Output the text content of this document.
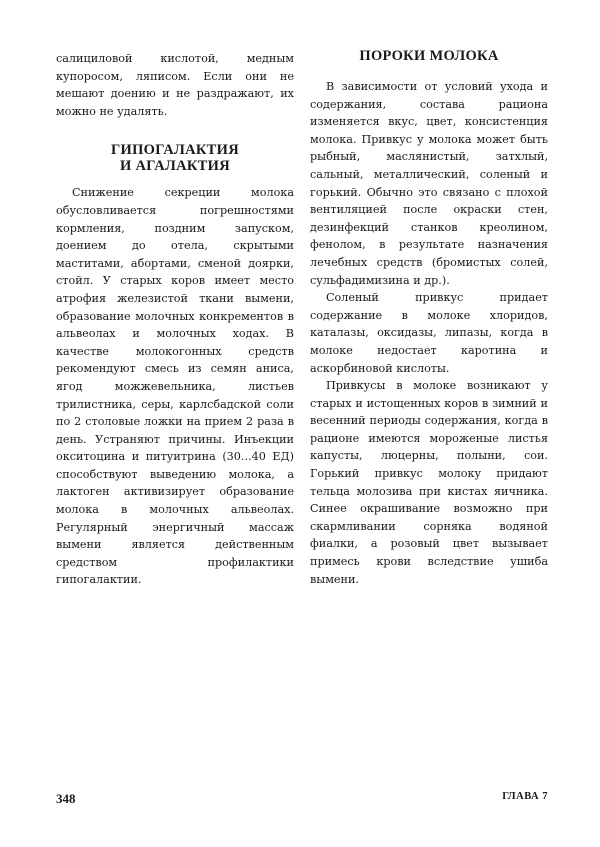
салициловой кислотой, медным купоросом, ляписом. Если они не мешают доению и не раздражают, их можно не удалять.

ГИПОГАЛАКТИЯ
И АГАЛАКТИЯ

Снижение секреции молока обусловливается погрешностями кормления, поздним запуском, доением до отела, скрытыми маститами, абортами, сменой доярки, стойл. У старых коров имеет место атрофия железистой ткани вымени, образование молочных конкрементов в альвеолах и молочных ходах. В качестве молокогонных средств рекомендуют смесь из семян аниса, ягод можжевельника, листьев трилистника, серы, карлсбадской соли по 2 столовые ложки на прием 2 раза в день. Устраняют причины. Инъекции окситоцина и питуитрина (30...40 ЕД) способствуют выведению молока, а лактоген активизирует образование молока в молочных альвеолах. Регулярный энергичный массаж вымени является действенным средством профилактики гипогалактии.

ПОРОКИ МОЛОКА

В зависимости от условий ухода и содержания, состава рациона изменяется вкус, цвет, консистенция молока. Привкус у молока может быть рыбный, маслянистый, затхлый, сальный, металлический, соленый и горький. Обычно это связано с плохой вентиляцией после окраски стен, дезинфекций станков креолином, фенолом, в результате назначения лечебных средств (бромистых солей, сульфадимизина и др.).

Соленый привкус придает содержание в молоке хлоридов, каталазы, оксидазы, липазы, когда в молоке недостает каротина и аскорбиновой кислоты.

Привкусы в молоке возникают у старых и истощенных коров в зимний и весенний периоды содержания, когда в рационе имеются мороженые листья капусты, люцерны, полыни, сои. Горький привкус молоку придают тельца молозива при кистах яичника. Синее окрашивание возможно при скармливании сорняка водяной фиалки, а розовый цвет вызывает примесь крови вследствие ушиба вымени.

348	ГЛАВА 7
